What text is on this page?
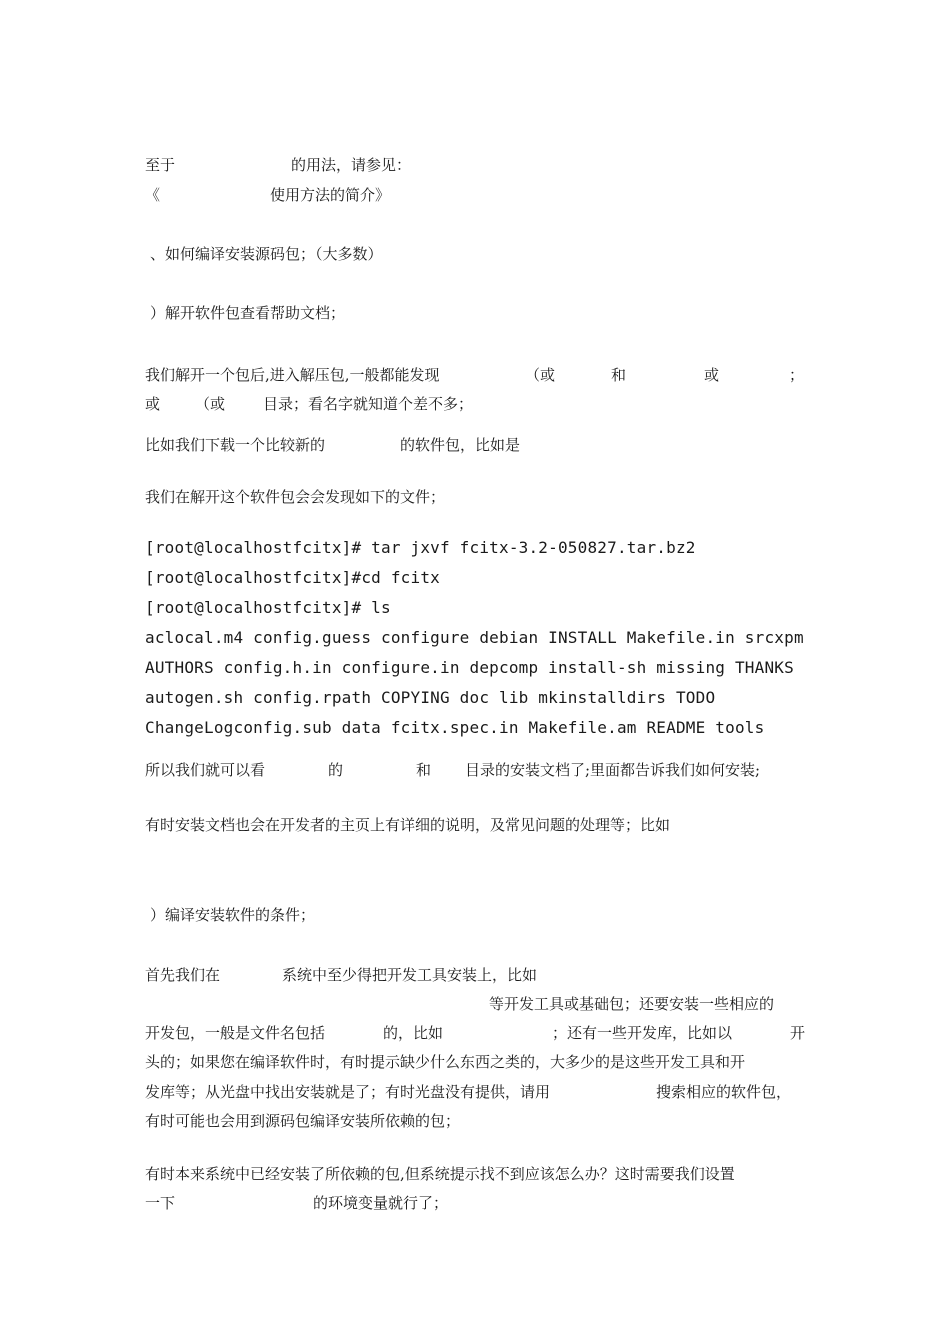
至于	的用法，请参见：
《	使用方法的简介》
、如何编译安装源码包；（大多数）
）解开软件包查看帮助文档；
我们解开一个包后,进入解压包,一般都能发现	（或	和	或	；
或 （或	目录；看名字就知道个差不多；
比如我们下载一个比较新的	的软件包，比如是
我们在解开这个软件包会会发现如下的文件；
[root@localhostfcitx]# tar jxvf fcitx-3.2-050827.tar.bz2
[root@localhostfcitx]#cd fcitx
[root@localhostfcitx]# ls
aclocal.m4 config.guess configure debian INSTALL Makefile.in srcxpm
AUTHORS config.h.in configure.in depcomp install-sh missing THANKS
autogen.sh config.rpath COPYING doc lib mkinstalldirs TODO
ChangeLogconfig.sub data fcitx.spec.in Makefile.am README tools
所以我们就可以看	的	和 目录的安装文档了;里面都告诉我们如何安装;
有时安装文档也会在开发者的主页上有详细的说明，及常见问题的处理等；比如
）编译安装软件的条件；
首先我们在	系统中至少得把开发工具安装上，比如
等开发工具或基础包；还要安装一些相应的
开发包，一般是文件名包括	的，比如	；还有一些开发库，比如以	开
头的；如果您在编译软件时，有时提示缺少什么东西之类的，大多少的是这些开发工具和开
发库等；从光盘中找出安装就是了；有时光盘没有提供，请用	搜索相应的软件包，
有时可能也会用到源码包编译安装所依赖的包；
有时本来系统中已经安装了所依赖的包,但系统提示找不到应该怎么办？这时需要我们设置
一下	的环境变量就行了；
